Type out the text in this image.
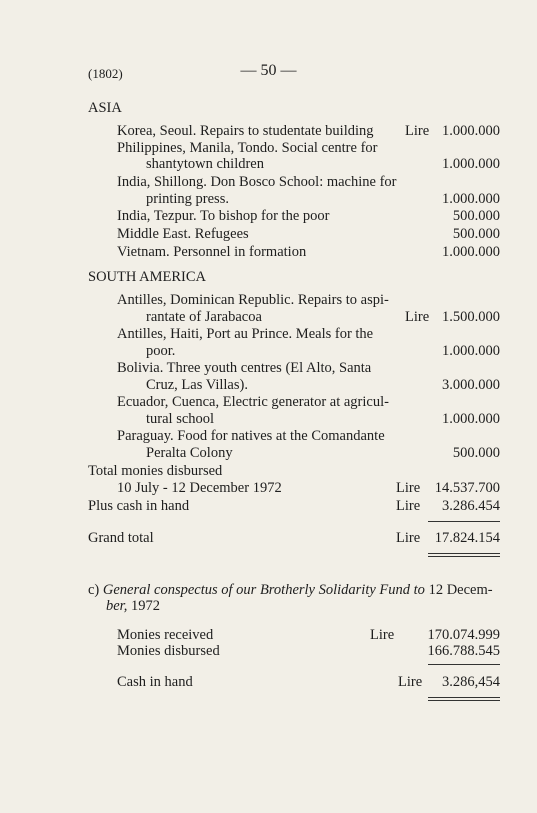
(1802)	— 50 —
ASIA
Korea, Seoul. Repairs to studentate building Lire 1.000.000
Philippines, Manila, Tondo. Social centre for
shantytown children	1.000.000
India, Shillong. Don Bosco School: machine for
printing press.	1.000.000
India, Tezpur. To bishop for the poor	500.000
Middle East. Refugees	500.000
Vietnam. Personnel in formation	1.000.000
SOUTH AMERICA
Antilles, Dominican Republic. Repairs to aspi-
rantate of Jarabacoa	Lire 1.500.000
Antilles, Haiti, Port au Prince. Meals for the
poor.	1.000.000
Bolivia. Three youth centres (El Alto, Santa
Cruz, Las Villas).	3.000.000
Ecuador, Cuenca, Electric generator at agricul-
tural school	1.000.000
Paraguay. Food for natives at the Comandante
Peralta Colony	500.000
Total monies disbursed
10 July - 12 December 1972	Lire	14.537.700
Plus cash in hand	Lire	3.286.454
Grand total	Lire	17.824.154
c) General conspectus of our Brotherly Solidarity Fund to 12 Decem-
ber, 1972
Monies received	Lire	170.074.999
Monies disbursed	166.788.545
Cash in hand	Lire	3.286,454
